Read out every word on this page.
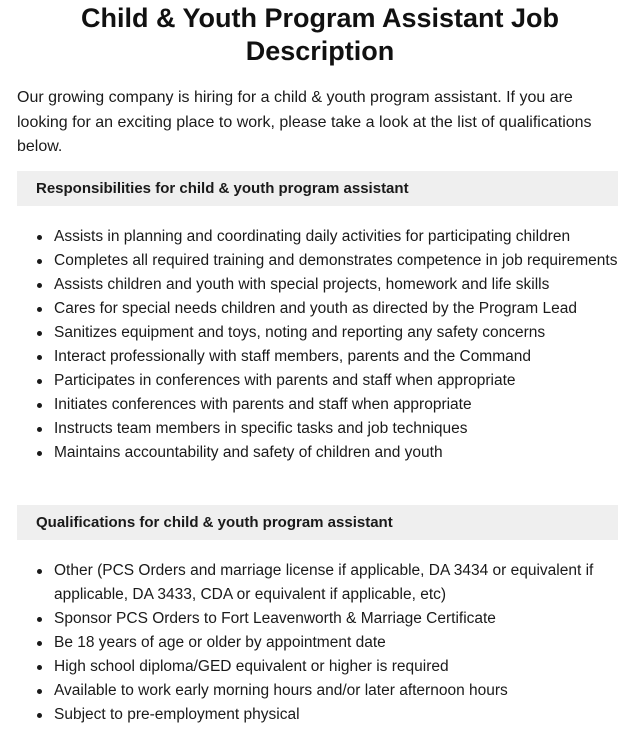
Child & Youth Program Assistant Job Description

Our growing company is hiring for a child & youth program assistant. If you are looking for an exciting place to work, please take a look at the list of qualifications below.

Responsibilities for child & youth program assistant
Assists in planning and coordinating daily activities for participating children
Completes all required training and demonstrates competence in job requirements
Assists children and youth with special projects, homework and life skills
Cares for special needs children and youth as directed by the Program Lead
Sanitizes equipment and toys, noting and reporting any safety concerns
Interact professionally with staff members, parents and the Command
Participates in conferences with parents and staff when appropriate
Initiates conferences with parents and staff when appropriate
Instructs team members in specific tasks and job techniques
Maintains accountability and safety of children and youth
Qualifications for child & youth program assistant
Other (PCS Orders and marriage license if applicable, DA 3434 or equivalent if applicable, DA 3433, CDA or equivalent if applicable, etc)
Sponsor PCS Orders to Fort Leavenworth & Marriage Certificate
Be 18 years of age or older by appointment date
High school diploma/GED equivalent or higher is required
Available to work early morning hours and/or later afternoon hours
Subject to pre-employment physical
